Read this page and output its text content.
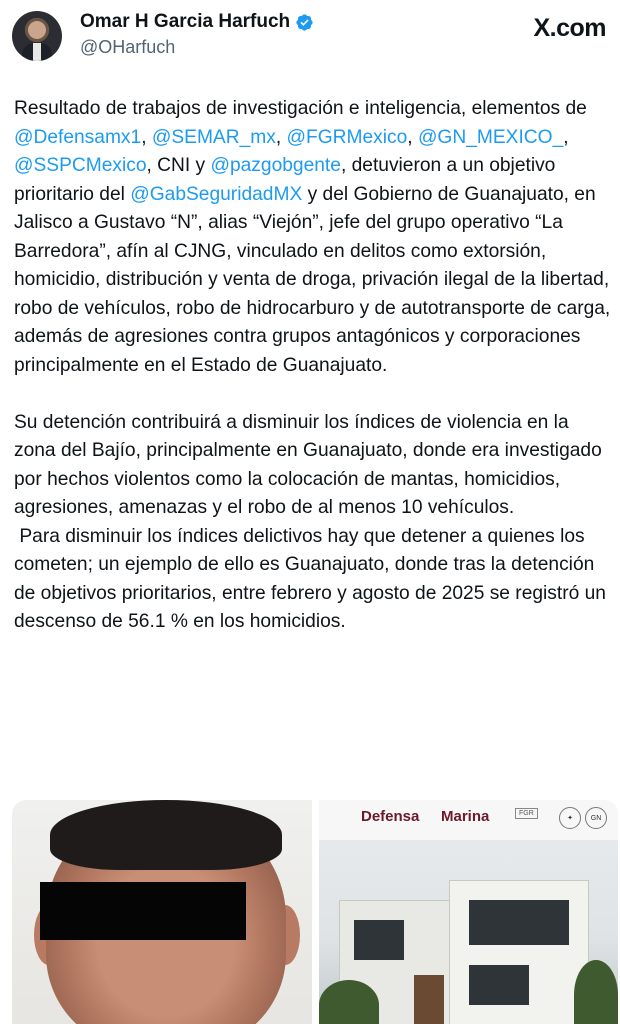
Omar H Garcia Harfuch
@OHarfuch
X.com

Resultado de trabajos de investigación e inteligencia, elementos de @Defensamx1, @SEMAR_mx, @FGRMexico, @GN_MEXICO_, @SSPCMexico, CNI y @pazgobgente, detuvieron a un objetivo prioritario del @GabSeguridadMX y del Gobierno de Guanajuato, en Jalisco a Gustavo “N”, alias “Viejón”, jefe del grupo operativo “La Barredora”, afín al CJNG, vinculado en delitos como extorsión, homicidio, distribución y venta de droga, privación ilegal de la libertad, robo de vehículos, robo de hidrocarburo y de autotransporte de carga, además de agresiones contra grupos antagónicos y corporaciones principalmente en el Estado de Guanajuato.

Su detención contribuirá a disminuir los índices de violencia en la zona del Bajío, principalmente en Guanajuato, donde era investigado por hechos violentos como la colocación de mantas, homicidios, agresiones, amenazas y el robo de al menos 10 vehículos.

Para disminuir los índices delictivos hay que detener a quienes los cometen; un ejemplo de ello es Guanajuato, donde tras la detención de objetivos prioritarios, entre febrero y agosto de 2025 se registró un descenso de 56.1 % en los homicidios.

Defensa Marina	FGR
✦	GN
